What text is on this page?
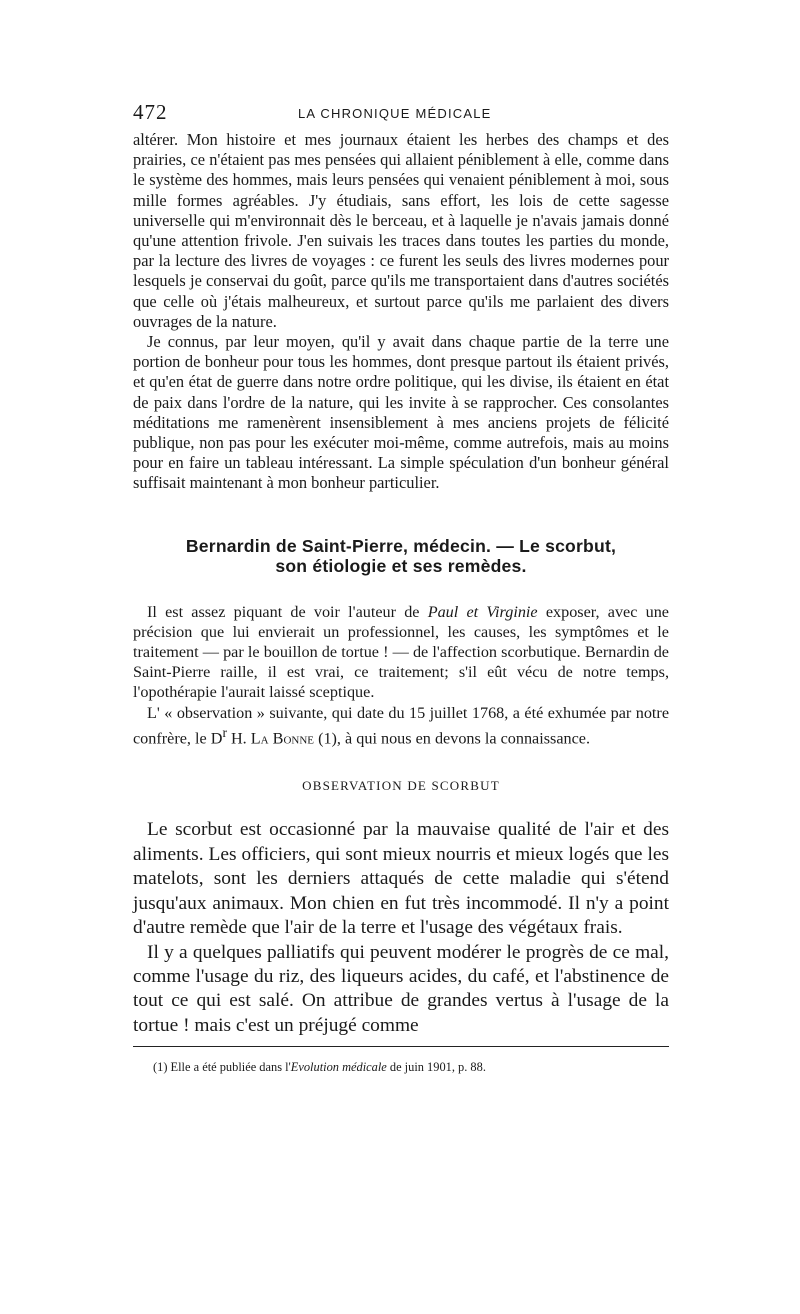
472	LA CHRONIQUE MÉDICALE

altérer. Mon histoire et mes journaux étaient les herbes des champs et des prairies, ce n'étaient pas mes pensées qui allaient péniblement à elle, comme dans le système des hommes, mais leurs pensées qui venaient péniblement à moi, sous mille formes agréables. J'y étudiais, sans effort, les lois de cette sagesse universelle qui m'environnait dès le berceau, et à laquelle je n'avais jamais donné qu'une attention frivole. J'en suivais les traces dans toutes les parties du monde, par la lecture des livres de voyages : ce furent les seuls des livres modernes pour lesquels je conservai du goût, parce qu'ils me transportaient dans d'autres sociétés que celle où j'étais malheureux, et surtout parce qu'ils me parlaient des divers ouvrages de la nature.

Je connus, par leur moyen, qu'il y avait dans chaque partie de la terre une portion de bonheur pour tous les hommes, dont presque partout ils étaient privés, et qu'en état de guerre dans notre ordre politique, qui les divise, ils étaient en état de paix dans l'ordre de la nature, qui les invite à se rapprocher. Ces consolantes méditations me ramenèrent insensiblement à mes anciens projets de félicité publique, non pas pour les exécuter moi-même, comme autrefois, mais au moins pour en faire un tableau intéressant. La simple spéculation d'un bonheur général suffisait maintenant à mon bonheur particulier.

Bernardin de Saint-Pierre, médecin. — Le scorbut,
son étiologie et ses remèdes.

Il est assez piquant de voir l'auteur de Paul et Virginie exposer, avec une précision que lui envierait un professionnel, les causes, les symptômes et le traitement — par le bouillon de tortue ! — de l'affection scorbutique. Bernardin de Saint-Pierre raille, il est vrai, ce traitement; s'il eût vécu de notre temps, l'opothérapie l'aurait laissé sceptique.

L' « observation » suivante, qui date du 15 juillet 1768, a été exhumée par notre confrère, le $D^r$ H. La Bonne (1), à qui nous en devons la connaissance.

OBSERVATION DE SCORBUT

Le scorbut est occasionné par la mauvaise qualité de l'air et des aliments. Les officiers, qui sont mieux nourris et mieux logés que les matelots, sont les derniers attaqués de cette maladie qui s'étend jusqu'aux animaux. Mon chien en fut très incommodé. Il n'y a point d'autre remède que l'air de la terre et l'usage des végétaux frais.

Il y a quelques palliatifs qui peuvent modérer le progrès de ce mal, comme l'usage du riz, des liqueurs acides, du café, et l'abstinence de tout ce qui est salé. On attribue de grandes vertus à l'usage de la tortue ! mais c'est un préjugé comme

(1) Elle a été publiée dans l'Evolution médicale de juin 1901, p. 88.
